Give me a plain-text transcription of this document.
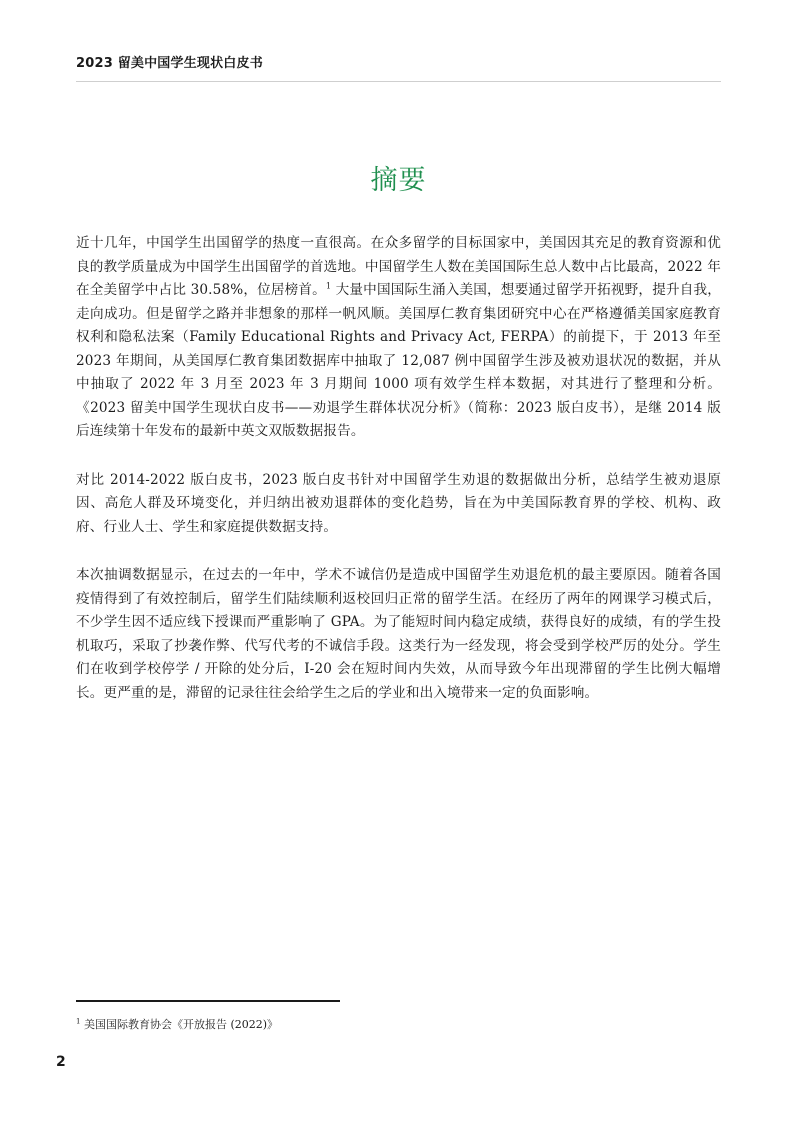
2023 留美中国学生现状白皮书
摘要

近十几年，中国学生出国留学的热度一直很高。在众多留学的目标国家中，美国因其充足的教育资源和优良的教学质量成为中国学生出国留学的首选地。中国留学生人数在美国国际生总人数中占比最高，2022 年在全美留学中占比 30.58%，位居榜首。$^1$ 大量中国国际生涌入美国，想要通过留学开拓视野，提升自我，走向成功。但是留学之路并非想象的那样一帆风顺。美国厚仁教育集团研究中心在严格遵循美国家庭教育权利和隐私法案（Family Educational Rights and Privacy Act, FERPA）的前提下，于 2013 年至 2023 年期间，从美国厚仁教育集团数据库中抽取了 12,087 例中国留学生涉及被劝退状况的数据，并从中抽取了 2022 年 3 月至 2023 年 3 月期间 1000 项有效学生样本数据，对其进行了整理和分析。《2023 留美中国学生现状白皮书——劝退学生群体状况分析》（简称：2023 版白皮书），是继 2014 版后连续第十年发布的最新中英文双版数据报告。

对比 2014-2022 版白皮书，2023 版白皮书针对中国留学生劝退的数据做出分析，总结学生被劝退原因、高危人群及环境变化，并归纳出被劝退群体的变化趋势，旨在为中美国际教育界的学校、机构、政府、行业人士、学生和家庭提供数据支持。

本次抽调数据显示，在过去的一年中，学术不诚信仍是造成中国留学生劝退危机的最主要原因。随着各国疫情得到了有效控制后，留学生们陆续顺利返校回归正常的留学生活。在经历了两年的网课学习模式后，不少学生因不适应线下授课而严重影响了 GPA。为了能短时间内稳定成绩，获得良好的成绩，有的学生投机取巧，采取了抄袭作弊、代写代考的不诚信手段。这类行为一经发现，将会受到学校严厉的处分。学生们在收到学校停学 / 开除的处分后，I-20 会在短时间内失效，从而导致今年出现滞留的学生比例大幅增长。更严重的是，滞留的记录往往会给学生之后的学业和出入境带来一定的负面影响。

$^1$ 美国国际教育协会《开放报告 (2022)》
2
